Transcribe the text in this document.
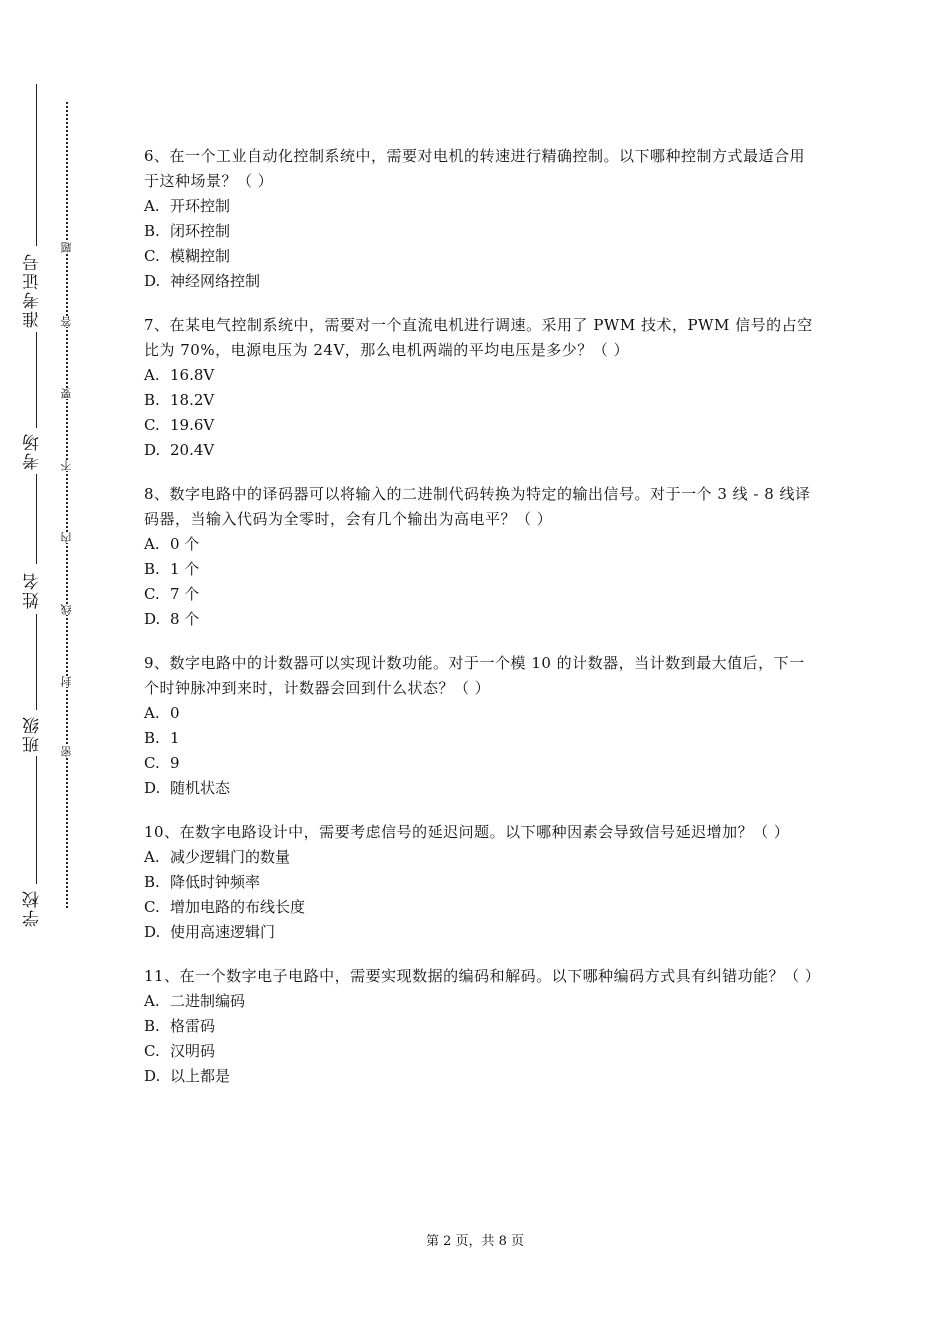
准考证号
考场
姓名
班级
学校
题
答
要
不
内
线
封
密

6、在一个工业自动化控制系统中，需要对电机的转速进行精确控制。以下哪种控制方式最适合用于这种场景？（ ）

A. 开环控制

B. 闭环控制

C. 模糊控制

D. 神经网络控制

7、在某电气控制系统中，需要对一个直流电机进行调速。采用了 PWM 技术，PWM 信号的占空比为 70%，电源电压为 24V，那么电机两端的平均电压是多少？（ ）

A. 16.8V

B. 18.2V

C. 19.6V

D. 20.4V

8、数字电路中的译码器可以将输入的二进制代码转换为特定的输出信号。对于一个 3 线 - 8 线译码器，当输入代码为全零时，会有几个输出为高电平？（ ）

A. 0 个

B. 1 个

C. 7 个

D. 8 个

9、数字电路中的计数器可以实现计数功能。对于一个模 10 的计数器，当计数到最大值后，下一个时钟脉冲到来时，计数器会回到什么状态？（ ）

A. 0

B. 1

C. 9

D. 随机状态

10、在数字电路设计中，需要考虑信号的延迟问题。以下哪种因素会导致信号延迟增加？（ ）

A. 减少逻辑门的数量

B. 降低时钟频率

C. 增加电路的布线长度

D. 使用高速逻辑门

11、在一个数字电子电路中，需要实现数据的编码和解码。以下哪种编码方式具有纠错功能？（ ）

A. 二进制编码

B. 格雷码

C. 汉明码

D. 以上都是

第 2 页，共 8 页
